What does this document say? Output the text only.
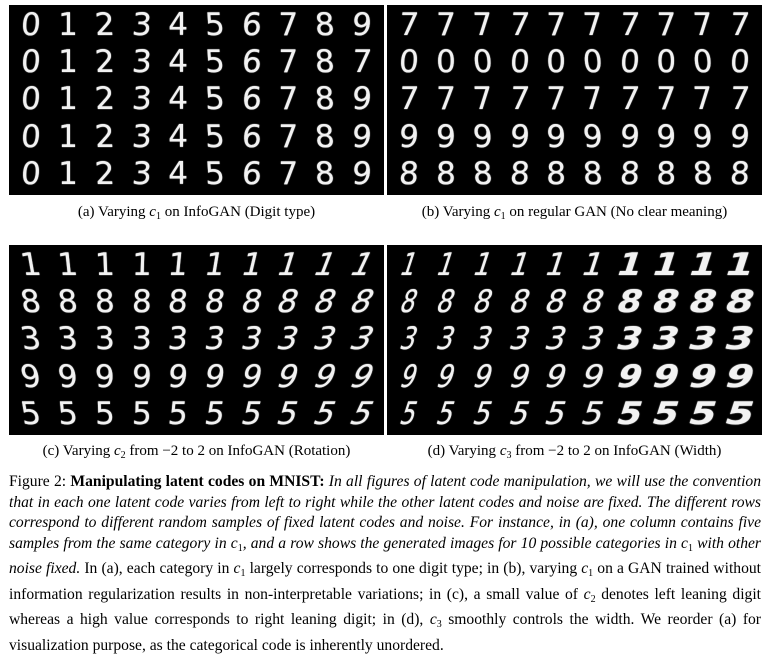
0 1 2 3 4 5 6 7 8 9
0 1 2 3 4 5 6 7 8 7
0 1 2 3 4 5 6 7 8 9
0 1 2 3 4 5 6 7 8 9
0 1 2 3 4 5 6 7 8 9
(a) Varying $c_1$ on InfoGAN (Digit type)
7 7 7 7 7 7 7 7 7 7
0 0 0 0 0 0 0 0 0 0
7 7 7 7 7 7 7 7 7 7
9 9 9 9 9 9 9 9 9 9
8 8 8 8 8 8 8 8 8 8
(b) Varying $c_1$ on regular GAN (No clear meaning)
1 1 1 1 1 1 1 1 1 1
8 8 8 8 8 8 8 8 8 8
3 3 3 3 3 3 3 3 3 3
9 9 9 9 9 9 9 9 9 9
5 5 5 5 5 5 5 5 5 5
(c) Varying $c_2$ from −2 to 2 on InfoGAN (Rotation)
1 1 1 1 1 1 1 1
1
1
8 8 8 8 8 8 8 8
8
8
3 3 3 3 3 3 3 3
3
3
9 9 9 9 9 9 9 9
9
9
5 5 5 5 5 5 5 5
5
5
(d) Varying $c_3$ from −2 to 2 on InfoGAN (Width)
Figure 2: Manipulating latent codes on MNIST: In all figures of latent code manipulation, we will use the convention that in each one latent code varies from left to right while the other latent codes and noise are fixed. The different rows correspond to different random samples of fixed latent codes and noise. For instance, in (a), one column contains five samples from the same category in $c_1$, and a row shows the generated images for 10 possible categories in $c_1$ with other noise fixed. In (a), each category in $c_1$ largely corresponds to one digit type; in (b), varying $c_1$ on a GAN trained without information regularization results in non-interpretable variations; in (c), a small value of $c_2$ denotes left leaning digit whereas a high value corresponds to right leaning digit; in (d), $c_3$ smoothly controls the width. We reorder (a) for visualization purpose, as the categorical code is inherently unordered.
